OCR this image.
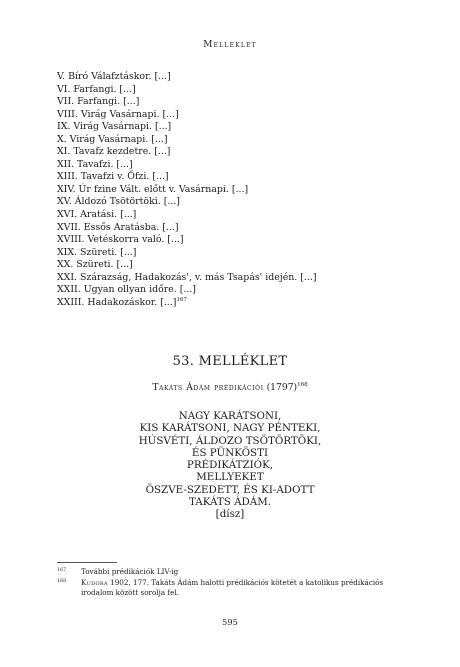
Melléklet
V. Bíró Válafztáskor. [...]
VI. Farfangi. [...]
VII. Farfangi. [...]
VIII. Virág Vasárnapi. [...]
IX. Virág Vasárnapi. [...]
X. Virág Vasárnapi. [...]
XI. Tavafz kezdetre. [...]
XII. Tavafzi. [...]
XIII. Tavafzi v. Őfzi. [...]
XIV. Úr fzine Vált. előtt v. Vasárnapi. [...]
XV. Áldozó Tsötörtöki. [...]
XVI. Aratási. [...]
XVII. Essős Aratásba. [...]
XVIII. Vetéskorra való. [...]
XIX. Szüreti. [...]
XX. Szüreti. [...]
XXI. Szárazság, Hadakozás', v. más Tsapás' idején. [...]
XXII. Ugyan ollyan időre. [...]
XXIII. Hadakozáskor. [...]$^{167}$
53. MELLÉKLET
Takáts Ádám prédikációi $(1797)^{168}$
NAGY KARÁTSONI,
KIS KARÁTSONI, NAGY PÉNTEKI,
HÚSVÉTI, ÁLDOZO TSÖTÖRTÖKI,
ÉS PÜNKÖSTI
PRÉDIKÁTZIÓK,
MELLYEKET
ÖSZVE-SZEDETT, ÉS KI-ADOTT
TAKÁTS ÁDÁM.
[dísz]
167 További prédikációk LIV-ig
168 Kudora 1902, 177. Takáts Ádám halotti prédikációs kötetét a katolikus prédikációs irodalom között sorolja fel.
595
